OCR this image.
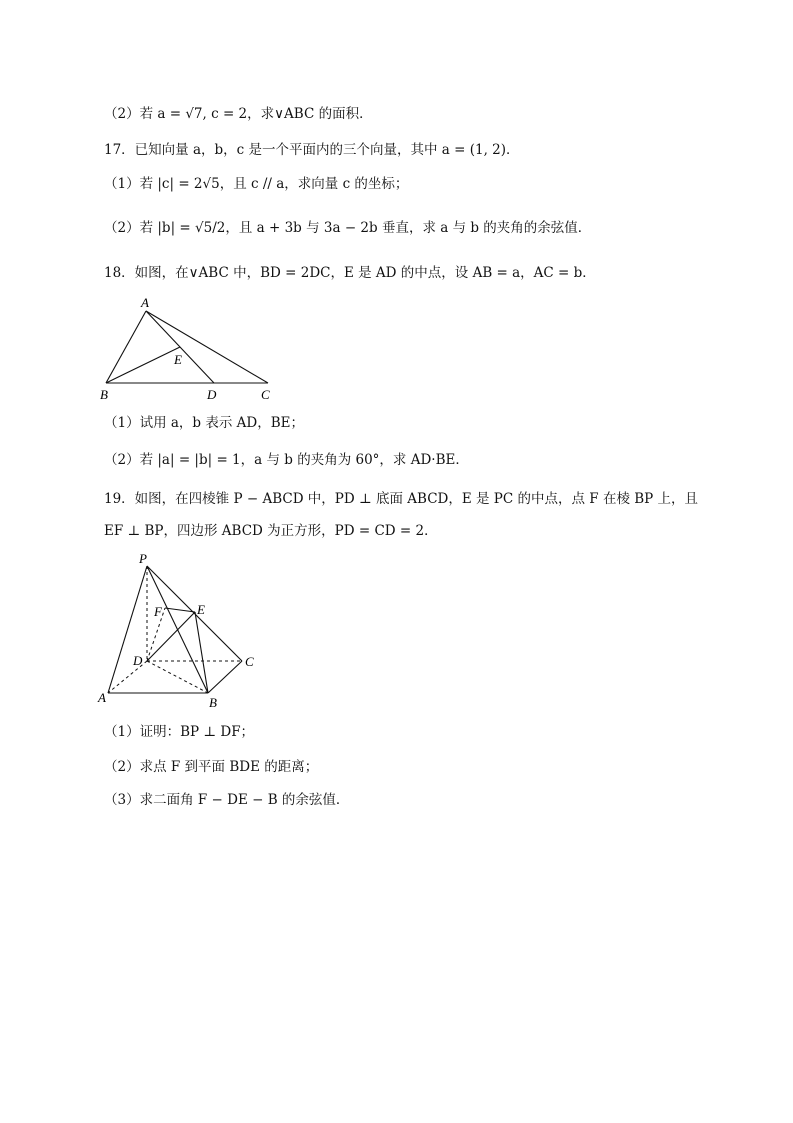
（2）若 a = √7, c = 2，求∨ABC 的面积．
17．已知向量 a，b，c 是一个平面内的三个向量，其中 a = (1, 2)．
（1）若 |c| = 2√5，且 c // a，求向量 c 的坐标；
（2）若 |b| = √5/2，且 a + 3b 与 3a − 2b 垂直，求 a 与 b 的夹角的余弦值．
18．如图，在∨ABC 中，BD = 2DC，E 是 AD 的中点，设 AB = a，AC = b．
A
E
B	D	C
（1）试用 a，b 表示 AD，BE；
（2）若 |a| = |b| = 1，a 与 b 的夹角为 60°，求 AD·BE．
19．如图，在四棱锥 P − ABCD 中，PD ⊥ 底面 ABCD，E 是 PC 的中点，点 F 在棱 BP 上，且
EF ⊥ BP，四边形 ABCD 为正方形，PD = CD = 2．
P
F	E
D	C
A	B
（1）证明：BP ⊥ DF；
（2）求点 F 到平面 BDE 的距离；
（3）求二面角 F − DE − B 的余弦值．
